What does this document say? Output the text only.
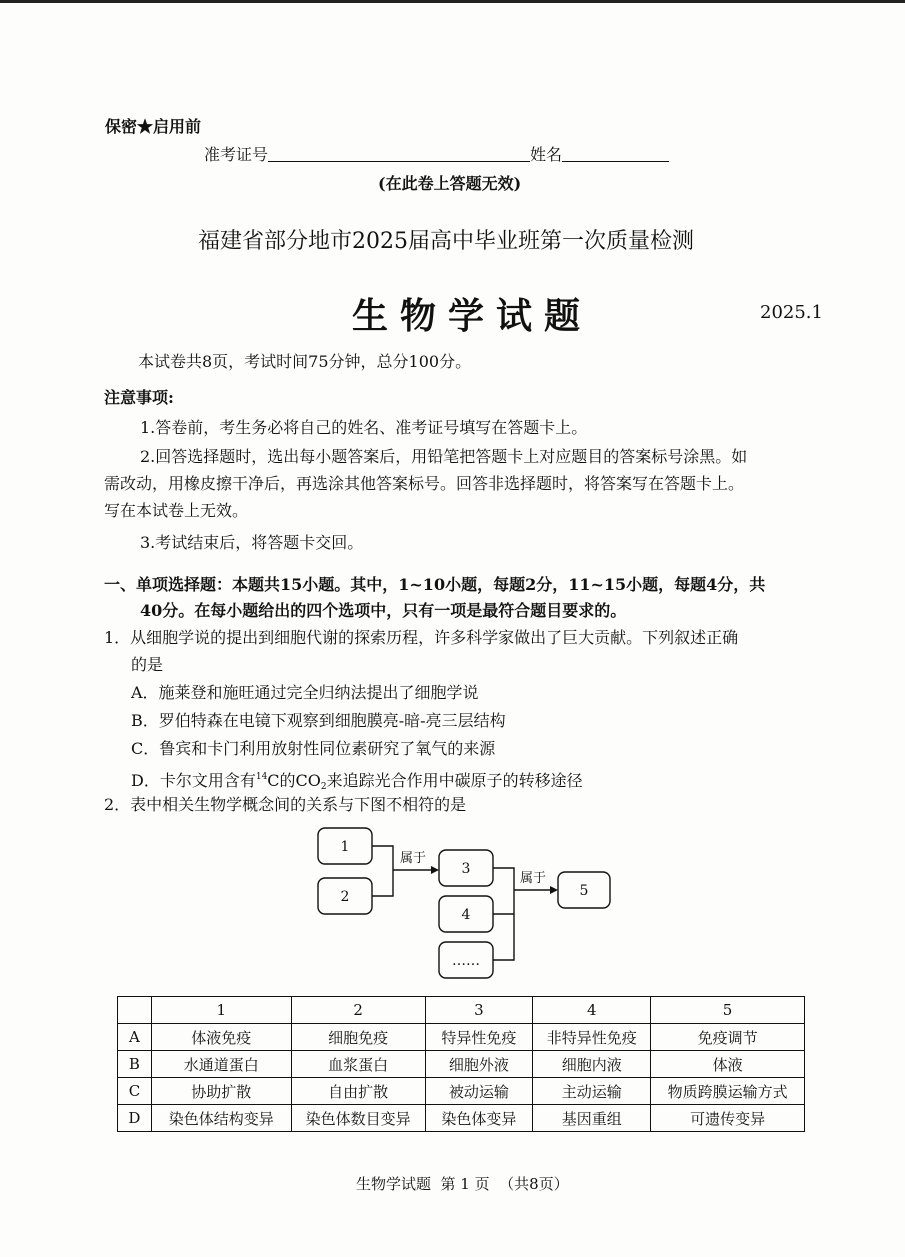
保密★启用前
准考证号	姓名
(在此卷上答题无效)
福建省部分地市2025届高中毕业班第一次质量检测
生物学试题	2025.1
本试卷共8页，考试时间75分钟，总分100分。
注意事项:
1.答卷前，考生务必将自己的姓名、准考证号填写在答题卡上。
2.回答选择题时，选出每小题答案后，用铅笔把答题卡上对应题目的答案标号涂黑。如
需改动，用橡皮擦干净后，再选涂其他答案标号。回答非选择题时，将答案写在答题卡上。
写在本试卷上无效。
3.考试结束后，将答题卡交回。
一、单项选择题：本题共15小题。其中，1~10小题，每题2分，11~15小题，每题4分，共
40分。在每小题给出的四个选项中，只有一项是最符合题目要求的。
1．从细胞学说的提出到细胞代谢的探索历程，许多科学家做出了巨大贡献。下列叙述正确
的是
A．施莱登和施旺通过完全归纳法提出了细胞学说
B．罗伯特森在电镜下观察到细胞膜亮-暗-亮三层结构
C．鲁宾和卡门利用放射性同位素研究了氧气的来源
D．卡尔文用含有$^{14}$C的$CO_2$来追踪光合作用中碳原子的转移途径
2．表中相关生物学概念间的关系与下图不相符的是
1
2
3
4
……
5
属于
属于
	1	2	3	4	5
A	体液免疫	细胞免疫	特异性免疫	非特异性免疫	免疫调节
B	水通道蛋白	血浆蛋白	细胞外液	细胞内液	体液
C	协助扩散	自由扩散	被动运输	主动运输	物质跨膜运输方式
D	染色体结构变异	染色体数目变异	染色体变异	基因重组	可遗传变异
生物学试题  第 1 页  （共8页）
